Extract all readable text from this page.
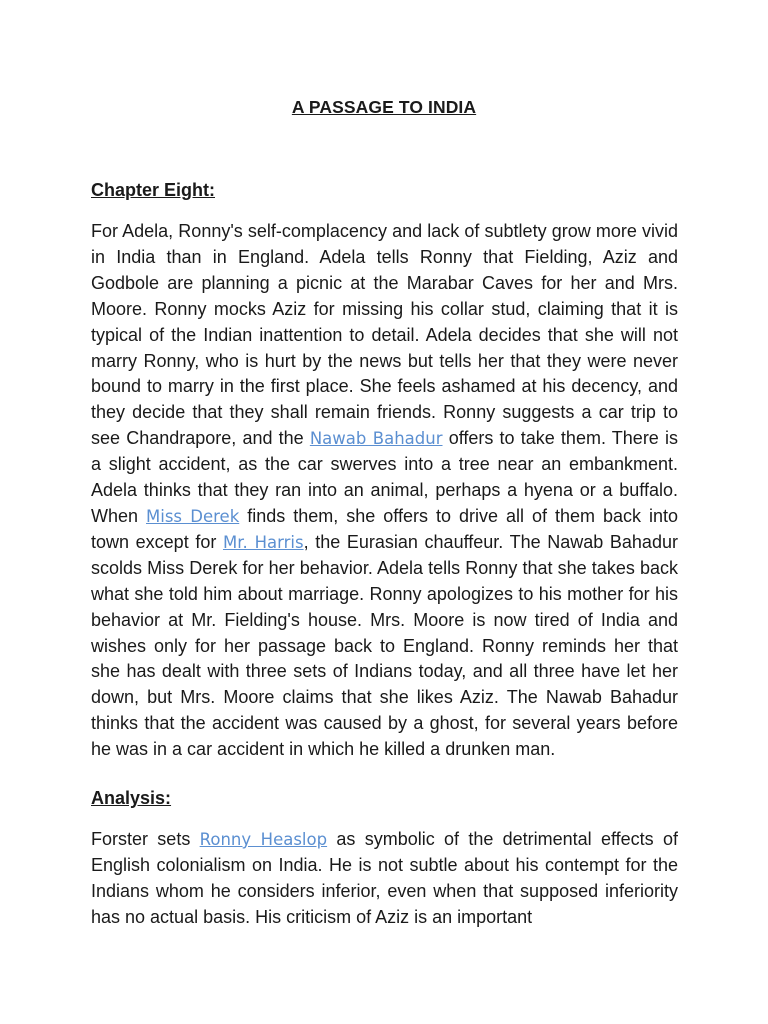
A PASSAGE TO INDIA
Chapter Eight:

For Adela, Ronny's self-complacency and lack of subtlety grow more vivid in India than in England. Adela tells Ronny that Fielding, Aziz and Godbole are planning a picnic at the Marabar Caves for her and Mrs. Moore. Ronny mocks Aziz for missing his collar stud, claiming that it is typical of the Indian inattention to detail. Adela decides that she will not marry Ronny, who is hurt by the news but tells her that they were never bound to marry in the first place. She feels ashamed at his decency, and they decide that they shall remain friends. Ronny suggests a car trip to see Chandrapore, and the Nawab Bahadur offers to take them. There is a slight accident, as the car swerves into a tree near an embankment. Adela thinks that they ran into an animal, perhaps a hyena or a buffalo. When Miss Derek finds them, she offers to drive all of them back into town except for Mr. Harris, the Eurasian chauffeur. The Nawab Bahadur scolds Miss Derek for her behavior. Adela tells Ronny that she takes back what she told him about marriage. Ronny apologizes to his mother for his behavior at Mr. Fielding's house. Mrs. Moore is now tired of India and wishes only for her passage back to England. Ronny reminds her that she has dealt with three sets of Indians today, and all three have let her down, but Mrs. Moore claims that she likes Aziz. The Nawab Bahadur thinks that the accident was caused by a ghost, for several years before he was in a car accident in which he killed a drunken man.

Analysis:

Forster sets Ronny Heaslop as symbolic of the detrimental effects of English colonialism on India. He is not subtle about his contempt for the Indians whom he considers inferior, even when that supposed inferiority has no actual basis. His criticism of Aziz is an important
